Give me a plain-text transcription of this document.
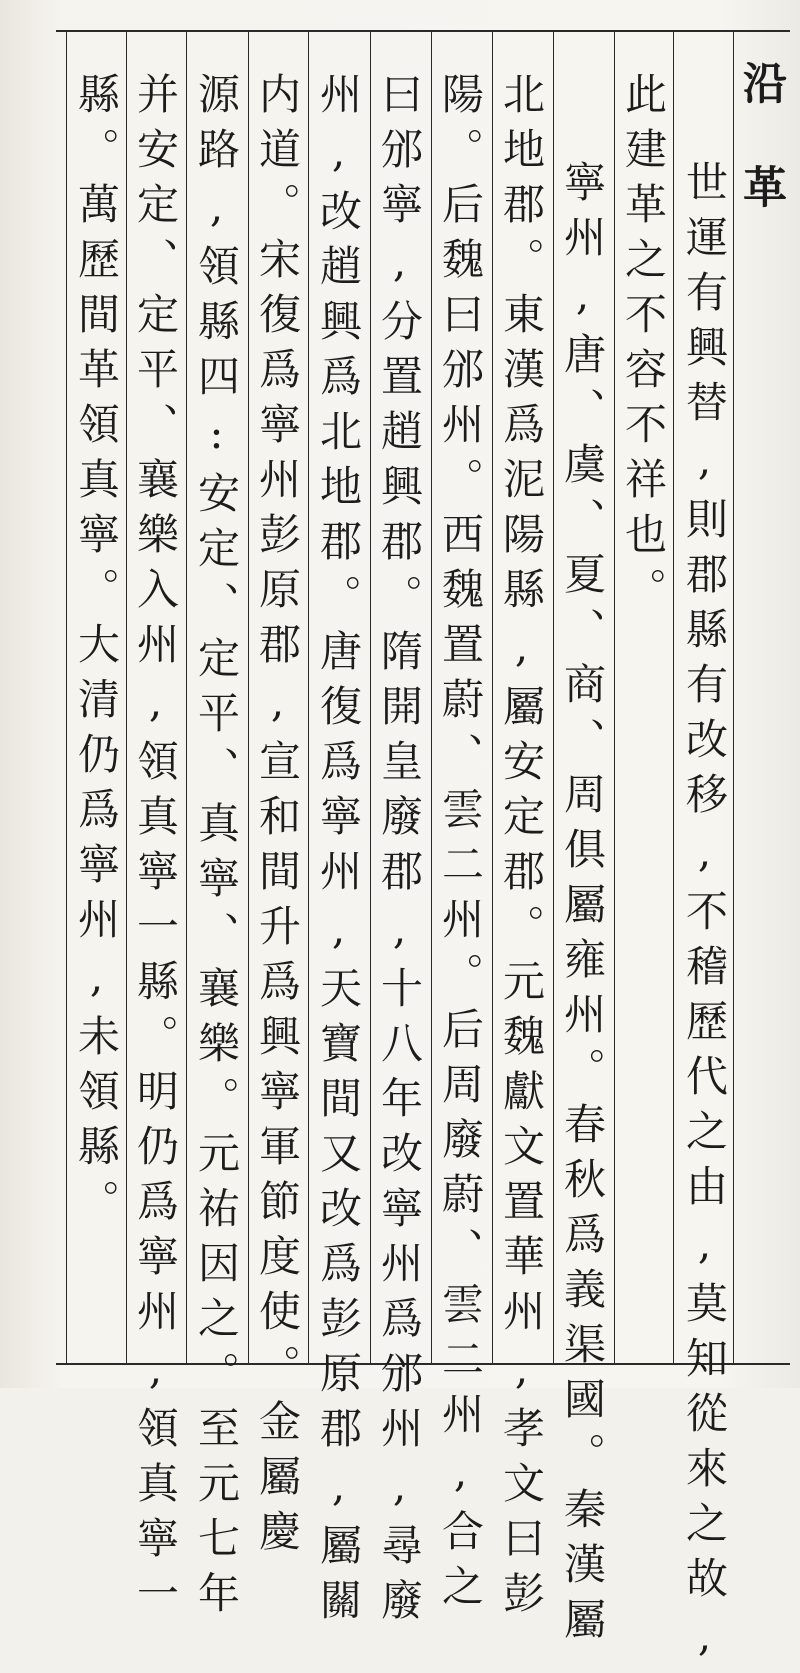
沿革
世運有興替,則郡縣有改移,不稽歷代之由,莫知從來之故,
此建革之不容不祥也。
寧州,唐、虞、夏、商、周俱屬雍州。春秋爲義渠國。秦漢屬
北地郡。東漢爲泥陽縣,屬安定郡。元魏獻文置華州,孝文曰彭
陽。后魏曰邠州。西魏置蔚、雲二州。后周廢蔚、雲二州,合之
曰邠寧,分置趙興郡。隋開皇廢郡,十八年改寧州爲邠州,尋廢
州,改趙興爲北地郡。唐復爲寧州,天寶間又改爲彭原郡,屬關
内道。宋復爲寧州彭原郡,宣和間升爲興寧軍節度使。金屬慶
源路,領縣四:安定、定平、真寧、襄樂。元祐因之。至元七年
并安定、定平、襄樂入州,領真寧一縣。明仍爲寧州,領真寧一
縣。萬歷間革領真寧。大清仍爲寧州,未領縣。
